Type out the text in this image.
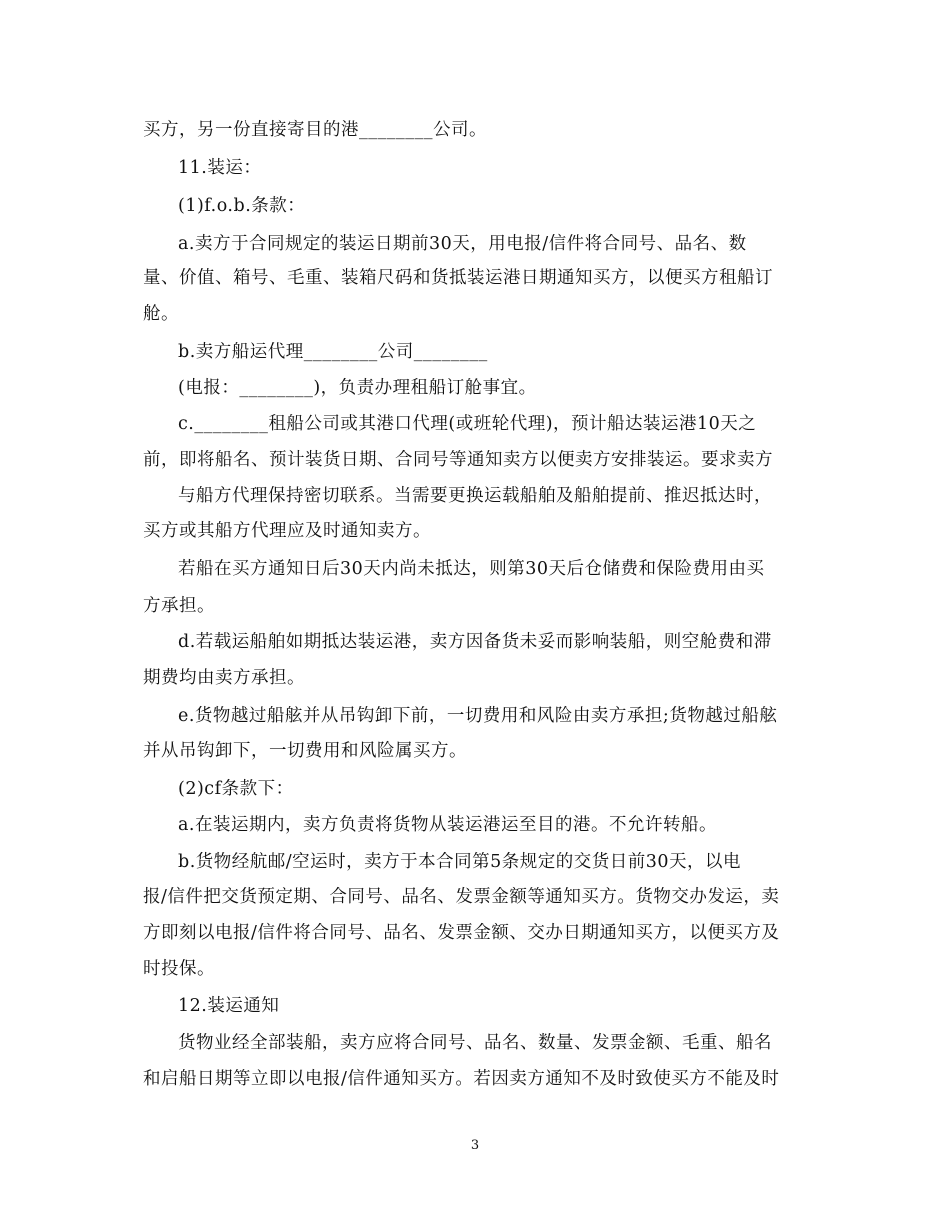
买方，另一份直接寄目的港________公司。
11.装运：
(1)f.o.b.条款：
a.卖方于合同规定的装运日期前30天，用电报/信件将合同号、品名、数
量、价值、箱号、毛重、装箱尺码和货抵装运港日期通知买方，以便买方租船订
舱。
b.卖方船运代理________公司________
(电报：________)，负责办理租船订舱事宜。
c.________租船公司或其港口代理(或班轮代理)，预计船达装运港10天之
前，即将船名、预计装货日期、合同号等通知卖方以便卖方安排装运。要求卖方
与船方代理保持密切联系。当需要更换运载船舶及船舶提前、推迟抵达时，
买方或其船方代理应及时通知卖方。
若船在买方通知日后30天内尚未抵达，则第30天后仓储费和保险费用由买
方承担。
d.若载运船舶如期抵达装运港，卖方因备货未妥而影响装船，则空舱费和滞
期费均由卖方承担。
e.货物越过船舷并从吊钩卸下前，一切费用和风险由卖方承担;货物越过船舷
并从吊钩卸下，一切费用和风险属买方。
(2)cf条款下：
a.在装运期内，卖方负责将货物从装运港运至目的港。不允许转船。
b.货物经航邮/空运时，卖方于本合同第5条规定的交货日前30天，以电
报/信件把交货预定期、合同号、品名、发票金额等通知买方。货物交办发运，卖
方即刻以电报/信件将合同号、品名、发票金额、交办日期通知买方，以便买方及
时投保。
12.装运通知
货物业经全部装船，卖方应将合同号、品名、数量、发票金额、毛重、船名
和启船日期等立即以电报/信件通知买方。若因卖方通知不及时致使买方不能及时
3
